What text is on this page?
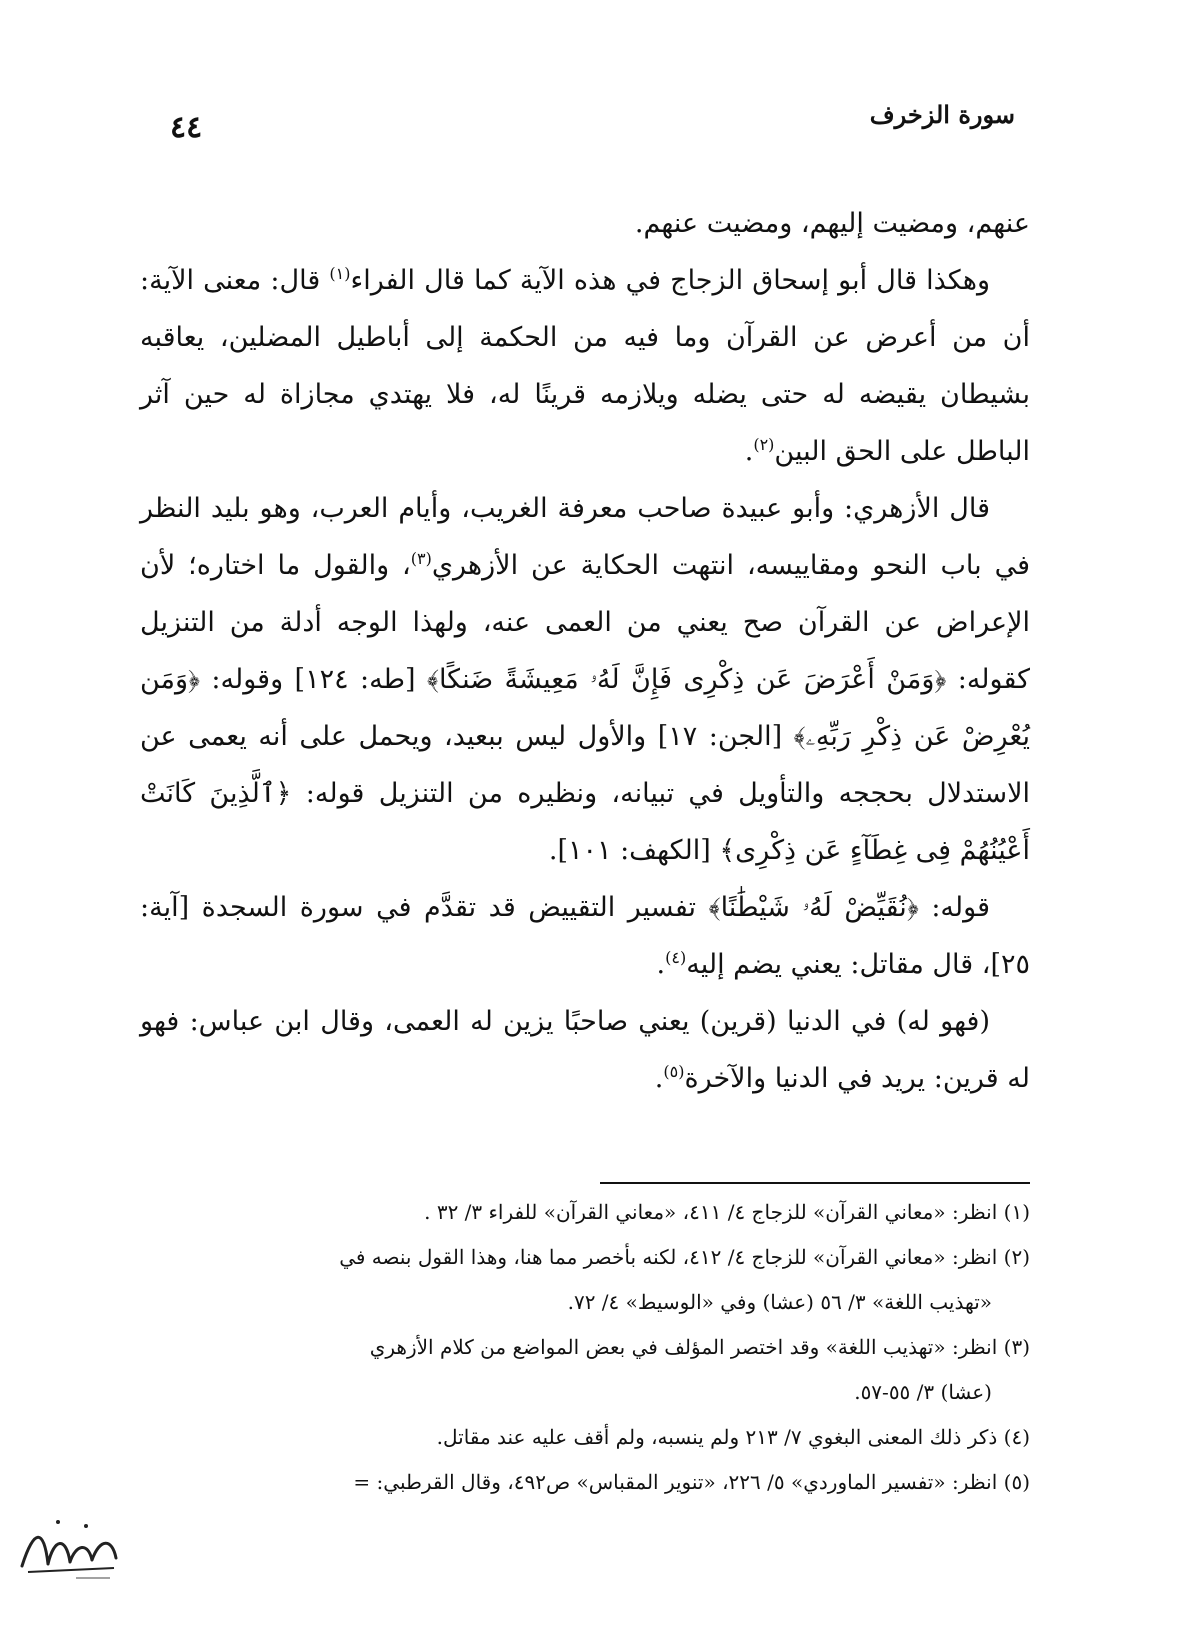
٤٤	سورة الزخرف

عنهم، ومضيت إليهم، ومضيت عنهم.

وهكذا قال أبو إسحاق الزجاج في هذه الآية كما قال الفراء$^{(١)}$ قال: معنى الآية: أن من أعرض عن القرآن وما فيه من الحكمة إلى أباطيل المضلين، يعاقبه بشيطان يقيضه له حتى يضله ويلازمه قرينًا له، فلا يهتدي مجازاة له حين آثر الباطل على الحق البين$^{(٢)}$.

قال الأزهري: وأبو عبيدة صاحب معرفة الغريب، وأيام العرب، وهو بليد النظر في باب النحو ومقاييسه، انتهت الحكاية عن الأزهري$^{(٣)}$، والقول ما اختاره؛ لأن الإعراض عن القرآن صح يعني من العمى عنه، ولهذا الوجه أدلة من التنزيل كقوله: ﴿وَمَنْ أَعْرَضَ عَن ذِكْرِى فَإِنَّ لَهُۥ مَعِيشَةً ضَنكًا﴾ [طه: ١٢٤] وقوله: ﴿وَمَن يُعْرِضْ عَن ذِكْرِ رَبِّهِۦ﴾ [الجن: ١٧] والأول ليس ببعيد، ويحمل على أنه يعمى عن الاستدلال بحججه والتأويل في تبيانه، ونظيره من التنزيل قوله: ﴿ٱلَّذِينَ كَانَتْ أَعْيُنُهُمْ فِى غِطَآءٍ عَن ذِكْرِى﴾ [الكهف: ١٠١].

قوله: ﴿نُقَيِّضْ لَهُۥ شَيْطَٰنًا﴾ تفسير التقييض قد تقدَّم في سورة السجدة [آية: ٢٥]، قال مقاتل: يعني يضم إليه$^{(٤)}$.

(فهو له) في الدنيا (قرين) يعني صاحبًا يزين له العمى، وقال ابن عباس: فهو له قرين: يريد في الدنيا والآخرة$^{(٥)}$.

(١) انظر: «معاني القرآن» للزجاج ٤/ ٤١١، «معاني القرآن» للفراء ٣/ ٣٢ .

(٢) انظر: «معاني القرآن» للزجاج ٤/ ٤١٢، لكنه بأخصر مما هنا، وهذا القول بنصه في

«تهذيب اللغة» ٣/ ٥٦ (عشا) وفي «الوسيط» ٤/ ٧٢.

(٣) انظر: «تهذيب اللغة» وقد اختصر المؤلف في بعض المواضع من كلام الأزهري

(عشا) ٣/ ٥٥-٥٧.

(٤) ذكر ذلك المعنى البغوي ٧/ ٢١٣ ولم ينسبه، ولم أقف عليه عند مقاتل.

(٥) انظر: «تفسير الماوردي» ٥/ ٢٢٦، «تنوير المقباس» ص٤٩٢، وقال القرطبي: =
